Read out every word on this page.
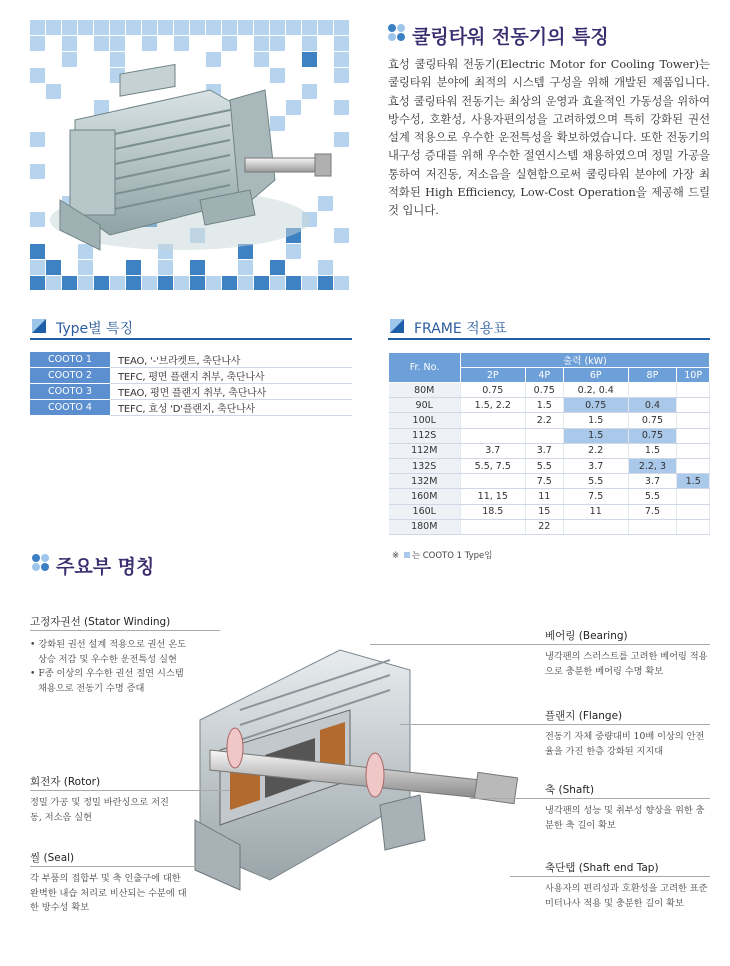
쿨링타워 전동기의 특징
효성 쿨링타워 전동기(Electric Motor for Cooling Tower)는 쿨링타워 분야에 최적의 시스템 구성을 위해 개발된 제품입니다. 효성 쿨링타워 전동기는 최상의 운영과 효율적인 가동성을 위하여 방수성, 호환성, 사용자편의성을 고려하였으며 특히 강화된 권선설계 적용으로 우수한 운전특성을 확보하였습니다. 또한 전동기의 내구성 증대를 위해 우수한 절연시스템 채용하였으며 정밀 가공을 통하여 저진동, 저소음을 실현함으로써 쿨링타워 분야에 가장 최적화된 High Efficiency, Low-Cost Operation을 제공해 드릴 것 입니다.
Type별 특징
COOTO 1	TEAO, '-'브라켓트, 축단나사
COOTO 2	TEFC, 평면 플랜지 취부, 축단나사
COOTO 3	TEAO, 평면 플랜지 취부, 축단나사
COOTO 4	TEFC, 효성 'D'플랜지, 축단나사
FRAME 적용표
Fr. No.	출력 (kW)				
	2P	4P	6P	8P	10P
80M	0.75	0.75	0.2, 0.4		
90L	1.5, 2.2	1.5	0.75	0.4	
100L		2.2	1.5	0.75	
112S			1.5	0.75	
112M	3.7	3.7	2.2	1.5	
132S	5.5, 7.5	5.5	3.7	2.2, 3	
132M		7.5	5.5	3.7	1.5
160M	11, 15	11	7.5	5.5	
160L	18.5	15	11	7.5	
180M		22			
※ 는 COOTO 1 Type임
주요부 명칭
고정자권선 (Stator Winding)
• 강화된 권선 설계 적용으로 권선 온도 상승 저감 및 우수한 운전특성 실현
• F종 이상의 우수한 권선 절연 시스템 채용으로 전동기 수명 증대
회전자 (Rotor)
정밀 가공 및 정밀 바란싱으로 저진동, 저소음 실현
씰 (Seal)
각 부품의 접합부 및 축 인출구에 대한 완벽한 내습 처리로 비산되는 수분에 대한 방수성 확보
베어링 (Bearing)
냉각팬의 스러스트를 고려한 베어링 적용으로 충분한 베어링 수명 확보
플랜지 (Flange)
전동기 자체 중량대비 10배 이상의 안전율을 가진 한층 강화된 지지대
축 (Shaft)
냉각팬의 성능 및 취부성 향상을 위한 충분한 축 길이 확보
축단탭 (Shaft end Tap)
사용자의 편리성과 호환성을 고려한 표준 미터나사 적용 및 충분한 길이 확보
